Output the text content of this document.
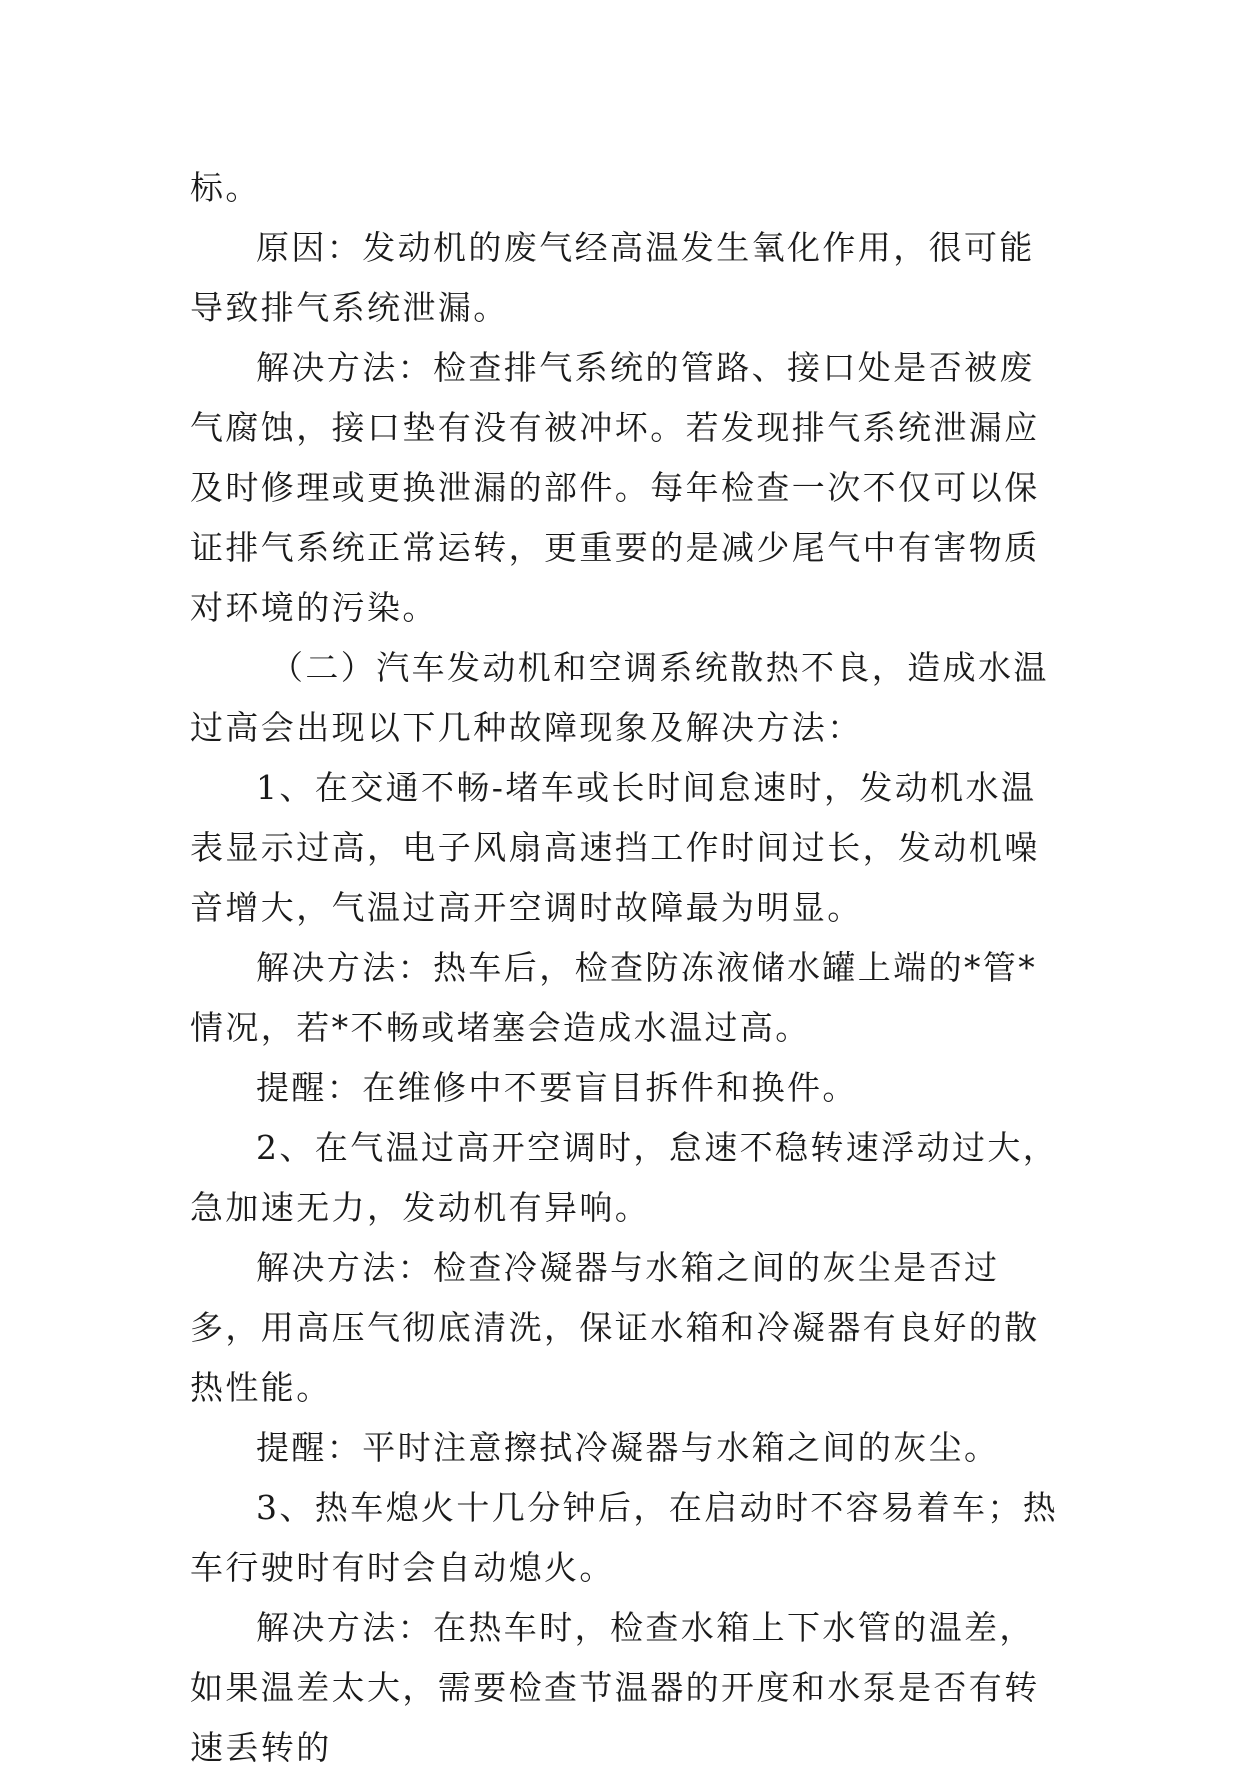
标。

原因：发动机的废气经高温发生氧化作用，很可能导致排气系统泄漏。

解决方法：检查排气系统的管路、接口处是否被废气腐蚀，接口垫有没有被冲坏。若发现排气系统泄漏应及时修理或更换泄漏的部件。每年检查一次不仅可以保证排气系统正常运转，更重要的是减少尾气中有害物质对环境的污染。

（二）汽车发动机和空调系统散热不良，造成水温过高会出现以下几种故障现象及解决方法：

1、在交通不畅-堵车或长时间怠速时，发动机水温表显示过高，电子风扇高速挡工作时间过长，发动机噪音增大，气温过高开空调时故障最为明显。

解决方法：热车后，检查防冻液储水罐上端的*管*情况，若*不畅或堵塞会造成水温过高。

提醒：在维修中不要盲目拆件和换件。

2、在气温过高开空调时，怠速不稳转速浮动过大，急加速无力，发动机有异响。

解决方法：检查冷凝器与水箱之间的灰尘是否过多，用高压气彻底清洗，保证水箱和冷凝器有良好的散热性能。

提醒：平时注意擦拭冷凝器与水箱之间的灰尘。

3、热车熄火十几分钟后，在启动时不容易着车；热车行驶时有时会自动熄火。

解决方法：在热车时，检查水箱上下水管的温差，如果温差太大，需要检查节温器的开度和水泵是否有转速丢转的
